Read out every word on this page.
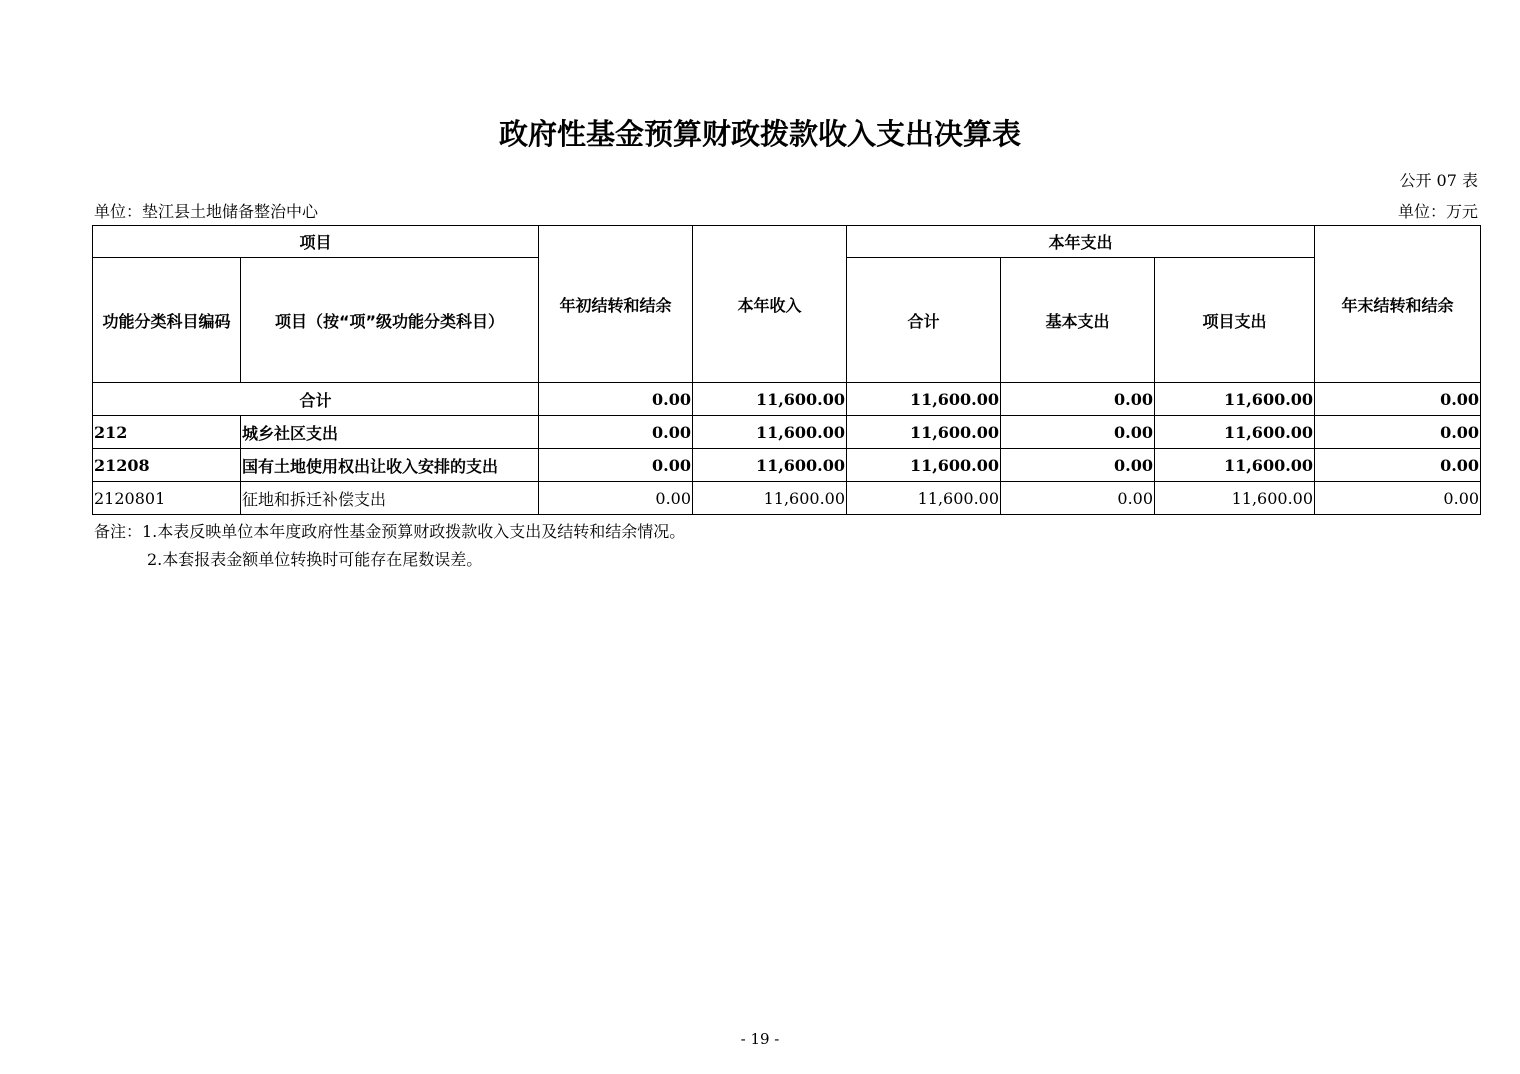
政府性基金预算财政拨款收入支出决算表
公开 07 表
单位：垫江县土地储备整治中心	单位：万元
项目		年初结转和结余	本年收入	本年支出			年末结转和结余
功能分类科目编码	项目（按“项”级功能分类科目）			合计	基本支出	项目支出	
合计		0.00	11,600.00	11,600.00	0.00	11,600.00	0.00
212	城乡社区支出	0.00	11,600.00	11,600.00	0.00	11,600.00	0.00
21208	国有土地使用权出让收入安排的支出	0.00	11,600.00	11,600.00	0.00	11,600.00	0.00
2120801	征地和拆迁补偿支出	0.00	11,600.00	11,600.00	0.00	11,600.00	0.00
备注：1.本表反映单位本年度政府性基金预算财政拨款收入支出及结转和结余情况。
2.本套报表金额单位转换时可能存在尾数误差。
- 19 -
